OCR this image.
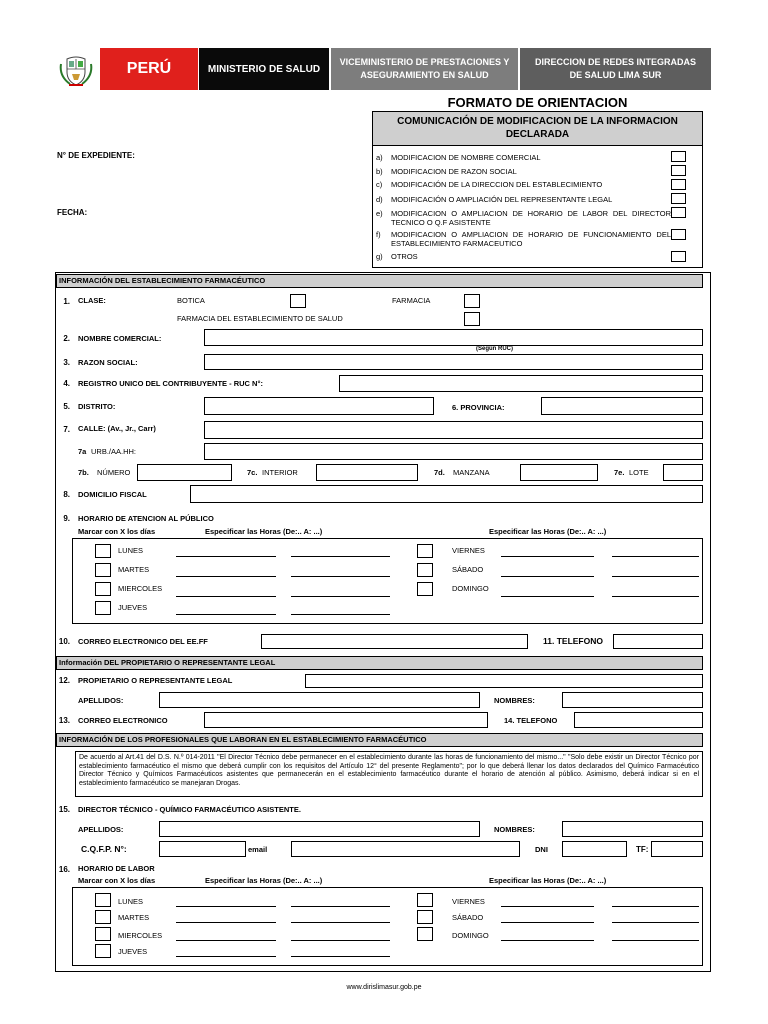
PERÚ	MINISTERIO DE SALUD
VICEMINISTERIO DE PRESTACIONES Y ASEGURAMIENTO EN SALUD
DIRECCION DE REDES INTEGRADAS DE SALUD LIMA SUR
FORMATO DE ORIENTACION
N° DE EXPEDIENTE:
FECHA:
COMUNICACIÓN DE MODIFICACION DE LA INFORMACION DECLARADA
a)	MODIFICACION DE NOMBRE COMERCIAL
b)	MODIFICACION DE RAZON SOCIAL
c)	MODIFICACIÓN DE LA DIRECCION DEL ESTABLECIMIENTO
d)	MODIFICACIÓN O AMPLIACIÓN DEL REPRESENTANTE LEGAL
e)	MODIFICACION O AMPLIACION DE HORARIO DE LABOR DEL DIRECTOR TECNICO O Q.F ASISTENTE
f)	MODIFICACION O AMPLIACION DE HORARIO DE FUNCIONAMIENTO DEL ESTABLECIMIENTO FARMACEUTICO
g)	OTROS
INFORMACIÓN DEL ESTABLECIMIENTO FARMACÉUTICO
1. CLASE:	BOTICA	FARMACIA
FARMACIA DEL ESTABLECIMIENTO DE SALUD
2. NOMBRE COMERCIAL:
(Según RUC)
3. RAZON SOCIAL:
4. REGISTRO UNICO DEL CONTRIBUYENTE - RUC N°:
5. DISTRITO:	6. PROVINCIA:
7. CALLE: (Av., Jr., Carr)
7a URB./AA.HH:
7b. NÚMERO	7c. INTERIOR	7d. MANZANA	7e. LOTE
8. DOMICILIO FISCAL
9. HORARIO DE ATENCION AL PÚBLICO
Marcar con X los días	Especificar las Horas (De:.. A: ...)	Especificar las Horas (De:.. A: ...)
LUNES
MARTES
MIERCOLES
JUEVES
VIERNES
SÁBADO
DOMINGO
10. CORREO ELECTRONICO DEL EE.FF	11. TELEFONO
Información DEL PROPIETARIO O REPRESENTANTE LEGAL
12. PROPIETARIO O REPRESENTANTE LEGAL
APELLIDOS:	NOMBRES:
13. CORREO ELECTRONICO	14. TELEFONO
INFORMACIÓN DE LOS PROFESIONALES QUE LABORAN EN EL ESTABLECIMIENTO FARMACÉUTICO
De acuerdo al Art.41 del D.S. N.º 014-2011 "El Director Técnico debe permanecer en el establecimiento durante las horas de funcionamiento del mismo..." "Solo debe existir un Director Técnico por establecimiento farmacéutico el mismo que deberá cumplir con los requisitos del Artículo 12° del presente Reglamento"; por lo que deberá llenar los datos declarados del Químico Farmacéutico Director Técnico y Químicos Farmacéuticos asistentes que permanecerán en el establecimiento farmacéutico durante el horario de atención al público. Asimismo, deberá indicar si en el establecimiento farmacéutico se manejaran Drogas.
15. DIRECTOR TÉCNICO - QUÍMICO FARMACÉUTICO ASISTENTE.
APELLIDOS:	NOMBRES:
C.Q.F.P. N°:	email	DNI	TF:
16. HORARIO DE LABOR
Marcar con X los días	Especificar las Horas (De:.. A: ...)	Especificar las Horas (De:.. A: ...)
LUNES
MARTES
MIERCOLES
JUEVES
VIERNES
SÁBADO
DOMINGO
www.dirislimasur.gob.pe
